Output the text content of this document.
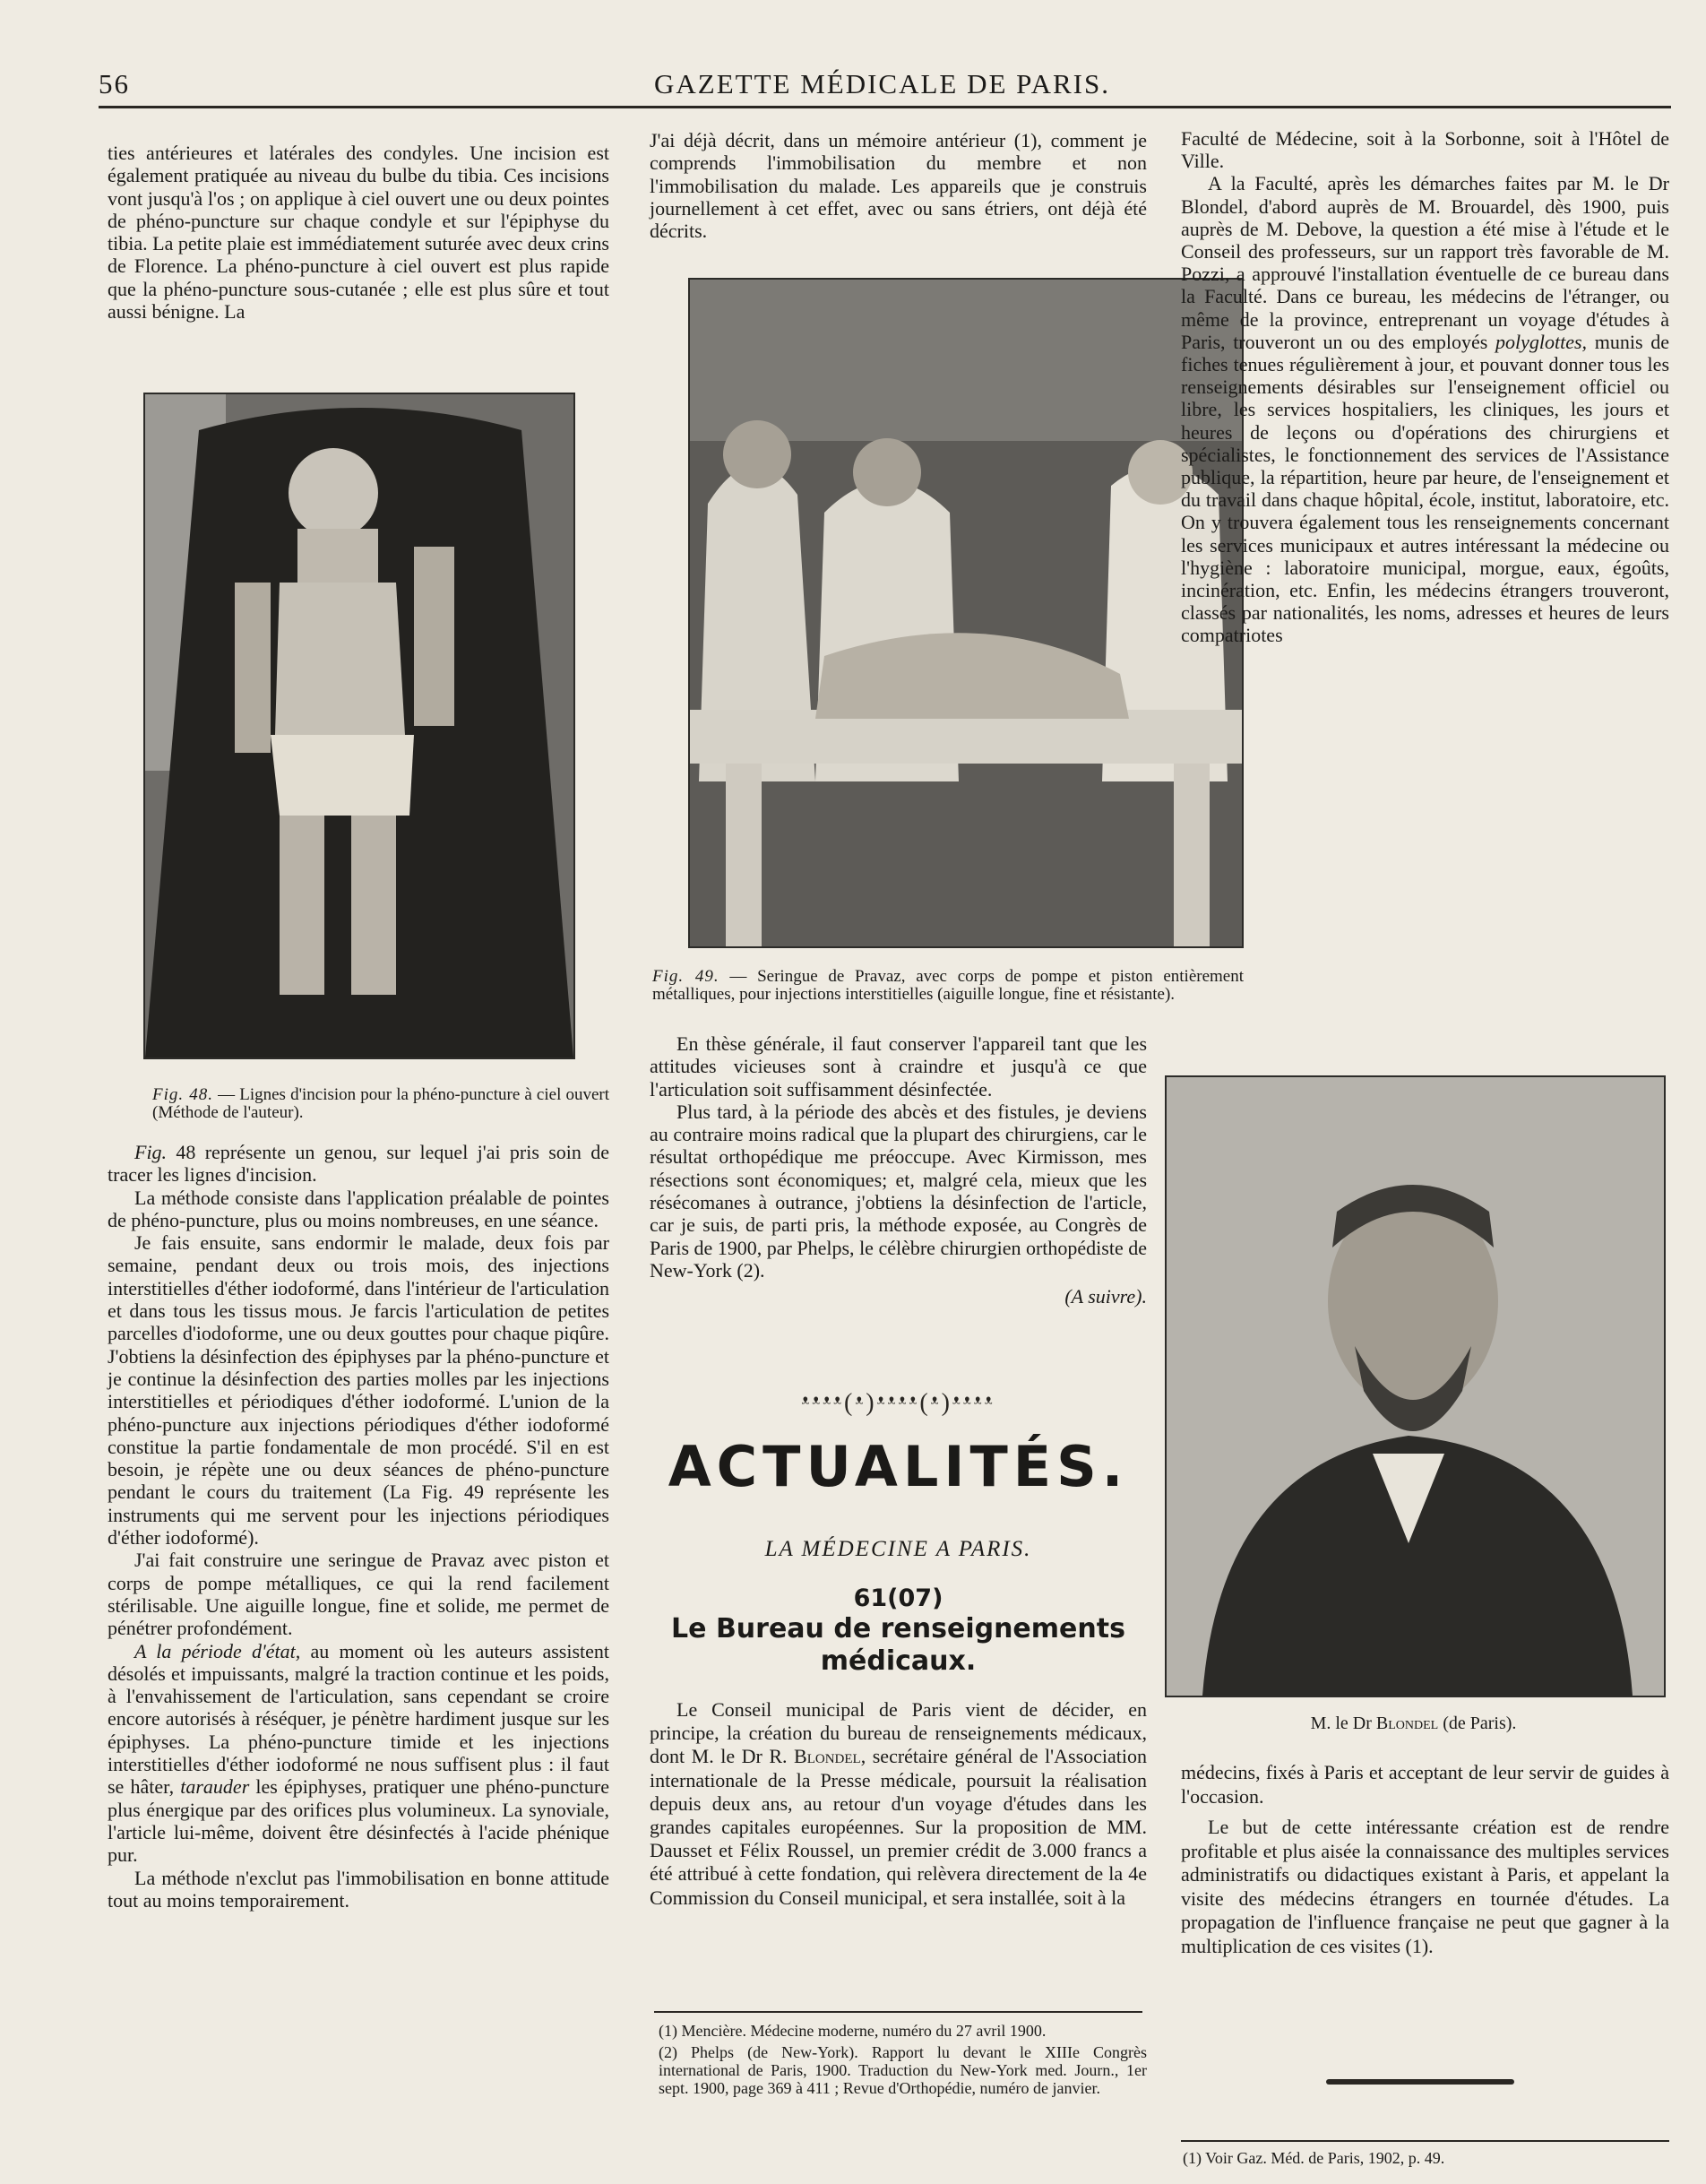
56	GAZETTE MÉDICALE DE PARIS.

ties antérieures et latérales des condyles. Une incision est également pratiquée au niveau du bulbe du tibia. Ces incisions vont jusqu'à l'os ; on applique à ciel ouvert une ou deux pointes de phéno-puncture sur chaque condyle et sur l'épiphyse du tibia. La petite plaie est immédiatement suturée avec deux crins de Florence. La phéno-puncture à ciel ouvert est plus rapide que la phéno-puncture sous-cutanée ; elle est plus sûre et tout aussi bénigne. La

Fig. 48. — Lignes d'incision pour la phéno-puncture à ciel ouvert (Méthode de l'auteur).

Fig. 48 représente un genou, sur lequel j'ai pris soin de tracer les lignes d'incision.

La méthode consiste dans l'application préalable de pointes de phéno-puncture, plus ou moins nombreuses, en une séance.

Je fais ensuite, sans endormir le malade, deux fois par semaine, pendant deux ou trois mois, des injections interstitielles d'éther iodoformé, dans l'intérieur de l'articulation et dans tous les tissus mous. Je farcis l'articulation de petites parcelles d'iodoforme, une ou deux gouttes pour chaque piqûre. J'obtiens la désinfection des épiphyses par la phéno-puncture et je continue la désinfection des parties molles par les injections interstitielles et périodiques d'éther iodoformé. L'union de la phéno-puncture aux injections périodiques d'éther iodoformé constitue la partie fondamentale de mon procédé. S'il en est besoin, je répète une ou deux séances de phéno-puncture pendant le cours du traitement (La Fig. 49 représente les instruments qui me servent pour les injections périodiques d'éther iodoformé).

J'ai fait construire une seringue de Pravaz avec piston et corps de pompe métalliques, ce qui la rend facilement stérilisable. Une aiguille longue, fine et solide, me permet de pénétrer profondément.

A la période d'état, au moment où les auteurs assistent désolés et impuissants, malgré la traction continue et les poids, à l'envahissement de l'articulation, sans cependant se croire encore autorisés à réséquer, je pénètre hardiment jusque sur les épiphyses. La phéno-puncture timide et les injections interstitielles d'éther iodoformé ne nous suffisent plus : il faut se hâter, tarauder les épiphyses, pratiquer une phéno-puncture plus énergique par des orifices plus volumineux. La synoviale, l'article lui-même, doivent être désinfectés à l'acide phénique pur.

La méthode n'exclut pas l'immobilisation en bonne attitude tout au moins temporairement.

J'ai déjà décrit, dans un mémoire antérieur (1), comment je comprends l'immobilisation du membre et non l'immobilisation du malade. Les appareils que je construis journellement à cet effet, avec ou sans étriers, ont déjà été décrits.

Fig. 49. — Seringue de Pravaz, avec corps de pompe et piston entièrement métalliques, pour injections interstitielles (aiguille longue, fine et résistante).

En thèse générale, il faut conserver l'appareil tant que les attitudes vicieuses sont à craindre et jusqu'à ce que l'articulation soit suffisamment désinfectée.

Plus tard, à la période des abcès et des fistules, je deviens au contraire moins radical que la plupart des chirurgiens, car le résultat orthopédique me préoccupe. Avec Kirmisson, mes résections sont économiques; et, malgré cela, mieux que les résécomanes à outrance, j'obtiens la désinfection de l'article, car je suis, de parti pris, la méthode exposée, au Congrès de Paris de 1900, par Phelps, le célèbre chirurgien orthopédiste de New-York (2).

(A suivre).

ᵜᵜᵜᵜ(ᵜ)ᵜᵜᵜᵜ(ᵜ)ᵜᵜᵜᵜ
ACTUALITÉS.
LA MÉDECINE A PARIS.
61(07)
Le Bureau de renseignements médicaux.

Le Conseil municipal de Paris vient de décider, en principe, la création du bureau de renseignements médicaux, dont M. le Dr R. Blondel, secrétaire général de l'Association internationale de la Presse médicale, poursuit la réalisation depuis deux ans, au retour d'un voyage d'études dans les grandes capitales européennes. Sur la proposition de MM. Dausset et Félix Roussel, un premier crédit de 3.000 francs a été attribué à cette fondation, qui relèvera directement de la 4e Commission du Conseil municipal, et sera installée, soit à la

(1) Mencière. Médecine moderne, numéro du 27 avril 1900.

(2) Phelps (de New-York). Rapport lu devant le XIIIe Congrès international de Paris, 1900. Traduction du New-York med. Journ., 1er sept. 1900, page 369 à 411 ; Revue d'Orthopédie, numéro de janvier.

Faculté de Médecine, soit à la Sorbonne, soit à l'Hôtel de Ville.

A la Faculté, après les démarches faites par M. le Dr Blondel, d'abord auprès de M. Brouardel, dès 1900, puis auprès de M. Debove, la question a été mise à l'étude et le Conseil des professeurs, sur un rapport très favorable de M. Pozzi, a approuvé l'installation éventuelle de ce bureau dans la Faculté. Dans ce bureau, les médecins de l'étranger, ou même de la province, entreprenant un voyage d'études à Paris, trouveront un ou des employés polyglottes, munis de fiches tenues régulièrement à jour, et pouvant donner tous les renseignements désirables sur l'enseignement officiel ou libre, les services hospitaliers, les cliniques, les jours et heures de leçons ou d'opérations des chirurgiens et spécialistes, le fonctionnement des services de l'Assistance publique, la répartition, heure par heure, de l'enseignement et du travail dans chaque hôpital, école, institut, laboratoire, etc. On y trouvera également tous les renseignements concernant les services municipaux et autres intéressant la médecine ou l'hygiène : laboratoire municipal, morgue, eaux, égoûts, incinération, etc. Enfin, les médecins étrangers trouveront, classés par nationalités, les noms, adresses et heures de leurs compatriotes

M. le Dr Blondel (de Paris).

médecins, fixés à Paris et acceptant de leur servir de guides à l'occasion.

Le but de cette intéressante création est de rendre profitable et plus aisée la connaissance des multiples services administratifs ou didactiques existant à Paris, et appelant la visite des médecins étrangers en tournée d'études. La propagation de l'influence française ne peut que gagner à la multiplication de ces visites (1).

(1) Voir Gaz. Méd. de Paris, 1902, p. 49.
